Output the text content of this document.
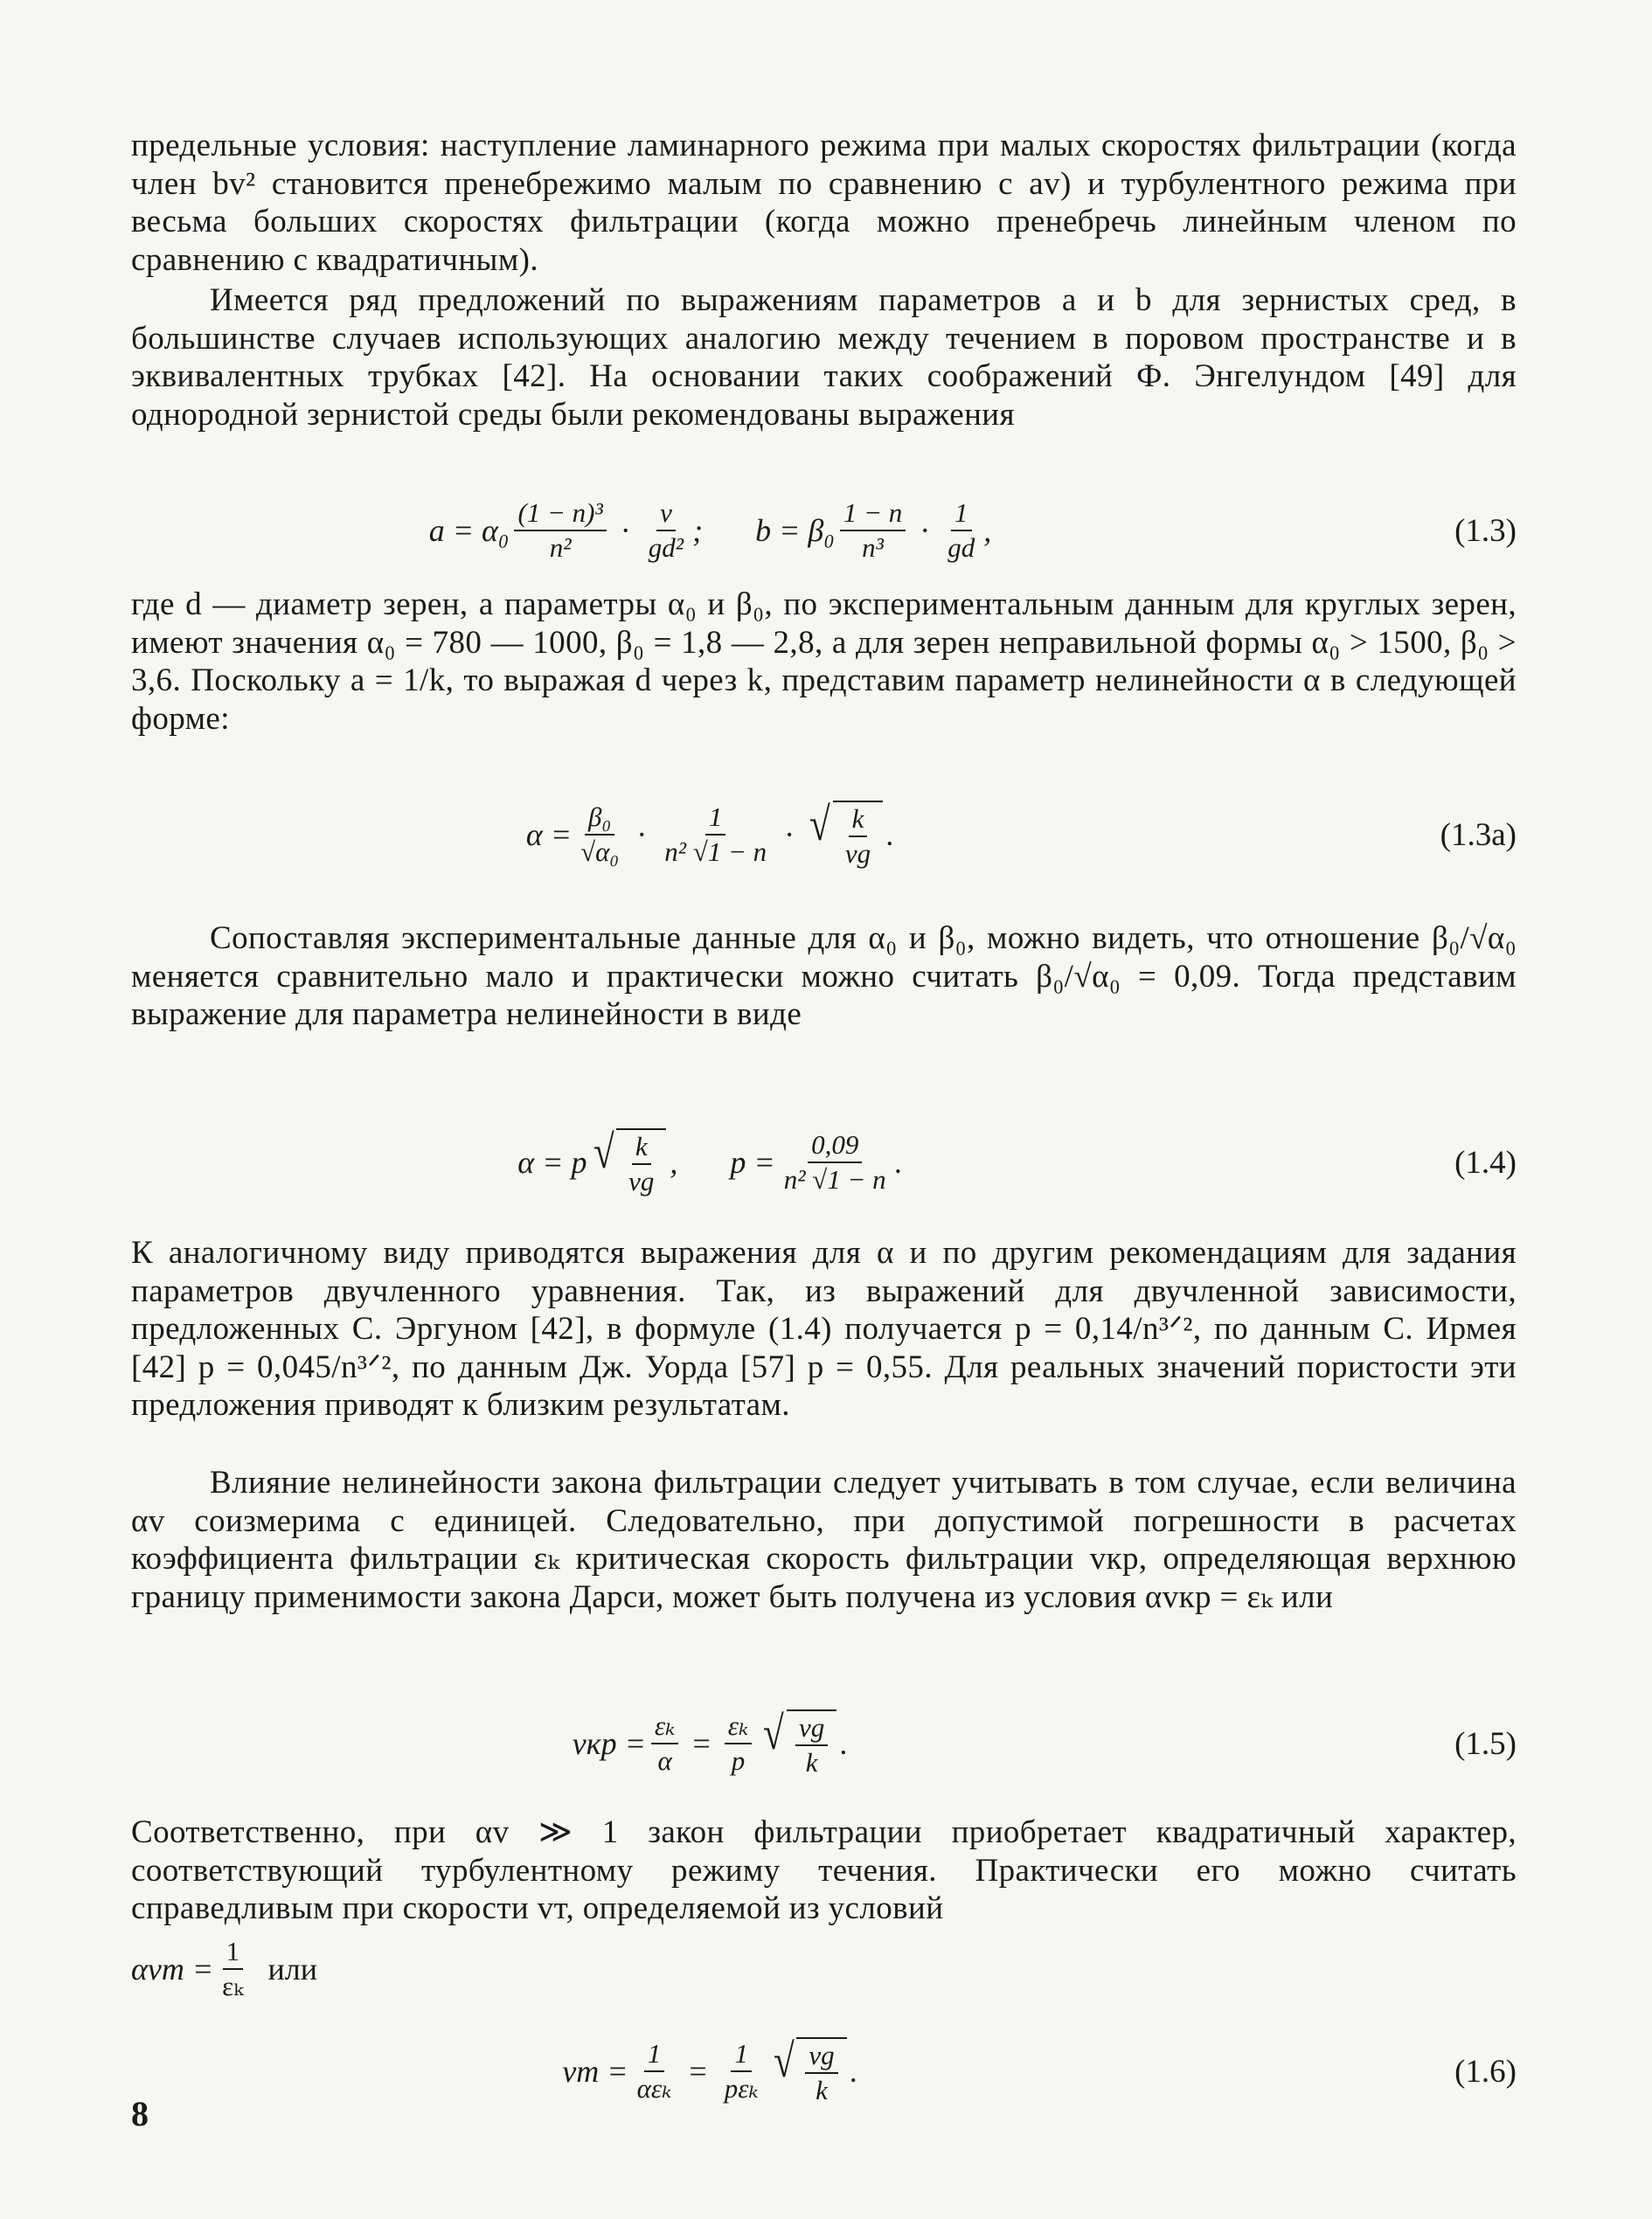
предельные условия: наступление ламинарного режима при малых скоростях фильтрации (когда член bv² становится пренебрежимо малым по сравнению с av) и турбулентного режима при весьма больших скоростях фильтрации (когда можно пренебречь линейным членом по сравнению с квадратичным).

Имеется ряд предложений по выражениям параметров a и b для зернистых сред, в большинстве случаев использующих аналогию между течением в поровом пространстве и в эквивалентных трубках [42]. На основании таких соображений Ф. Энгелундом [49] для однородной зернистой среды были рекомендованы выражения

$a = \alpha_0 \frac{\text{(1 − n)³}}{\text{n²}} \cdot \frac{\nu}{\text{gd²}}$ ; $b = \beta_0 \frac{1 - n}{\text{n³}} \cdot \frac{1}{gd}$ ,	(1.3)

где d — диаметр зерен, а параметры α₀ и β₀, по экспериментальным данным для круглых зерен, имеют значения α₀ = 780 — 1000, β₀ = 1,8 — 2,8, а для зерен неправильной формы α₀ > 1500, β₀ > 3,6. Поскольку a = 1/k, то выражая d через k, представим параметр нелинейности α в следующей форме:

$\alpha = \frac{\text{β₀}}{\text{√α₀}} \cdot \frac{1}{\text{n² √1 − n}}$ · √ $\frac{k}{\nu g}$ .	(1.3а)

Сопоставляя экспериментальные данные для α₀ и β₀, можно видеть, что отношение β₀/√α₀ меняется сравнительно мало и практически можно считать β₀/√α₀ = 0,09. Тогда представим выражение для параметра нелинейности в виде

α = p √ $\frac{k}{\nu g}$ , $p = \frac{0,09}{\text{n² √1 − n}}$ .	(1.4)

К аналогичному виду приводятся выражения для α и по другим рекомендациям для задания параметров двучленного уравнения. Так, из выражений для двучленной зависимости, предложенных С. Эргуном [42], в формуле (1.4) получается p = 0,14/n³ᐟ², по данным С. Ирмея [42] p = 0,045/n³ᐟ², по данным Дж. Уорда [57] p = 0,55. Для реальных значений пористости эти предложения приводят к близким результатам.

Влияние нелинейности закона фильтрации следует учитывать в том случае, если величина αv соизмерима с единицей. Следовательно, при допустимой погрешности в расчетах коэффициента фильтрации εₖ критическая скорость фильтрации vкр, определяющая верхнюю границу применимости закона Дарси, может быть получена из условия αvкр = εₖ или

vкр = $\frac{\text{εₖ}}{\alpha} = \frac{\text{εₖ}}{p}$ √ $\frac{\nu g}{k}$ .	(1.5)

Соответственно, при αv ≫ 1 закон фильтрации приобретает квадратичный характер, соответствующий турбулентному режиму течения. Практически его можно считать справедливым при скорости vт, определяемой из условий

$\alpha vт = \frac{1}{\text{εₖ}}$ или
vт = $\frac{1}{\text{αεₖ}} = \frac{1}{\text{pεₖ}}$ √ $\frac{\nu g}{k}$ .	(1.6)
8
